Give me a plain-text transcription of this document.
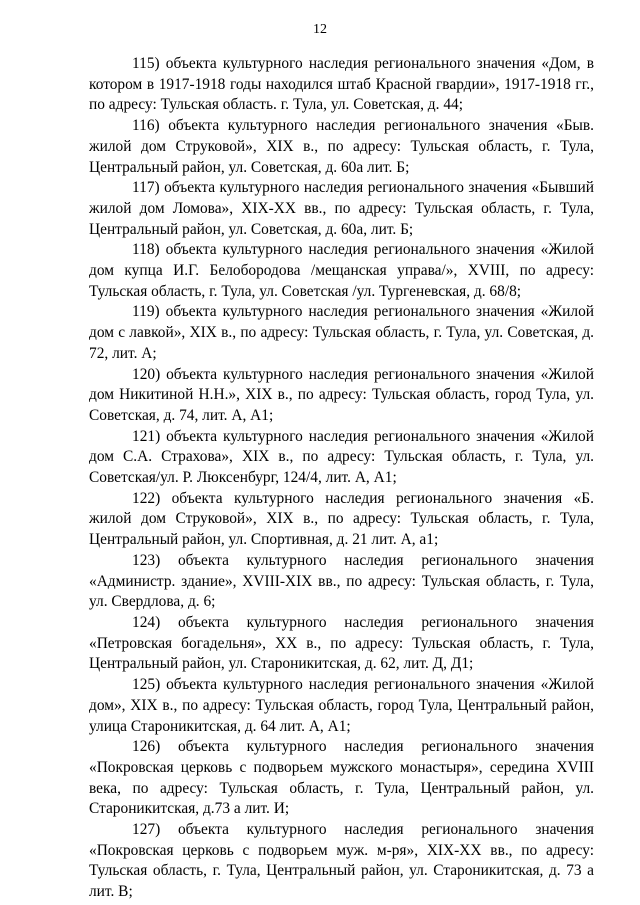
12

115) объекта культурного наследия регионального значения «Дом, в котором в 1917-1918 годы находился штаб Красной гвардии», 1917-1918 гг., по адресу: Тульская область. г. Тула, ул. Советская, д. 44;

116) объекта культурного наследия регионального значения «Быв. жилой дом Струковой», XIX в., по адресу: Тульская область, г. Тула, Центральный район, ул. Советская, д. 60а лит. Б;

117) объекта культурного наследия регионального значения «Бывший жилой дом Ломова», XIX-XX вв., по адресу: Тульская область, г. Тула, Центральный район, ул. Советская, д. 60а, лит. Б;

118) объекта культурного наследия регионального значения «Жилой дом купца И.Г. Белобородова /мещанская управа/», XVIII, по адресу: Тульская область, г. Тула, ул. Советская /ул. Тургеневская, д. 68/8;

119) объекта культурного наследия регионального значения «Жилой дом с лавкой», XIX в., по адресу: Тульская область, г. Тула, ул. Советская, д. 72, лит. А;

120) объекта культурного наследия регионального значения «Жилой дом Никитиной Н.Н.», XIX в., по адресу: Тульская область, город Тула, ул. Советская, д. 74, лит. А, А1;

121) объекта культурного наследия регионального значения «Жилой дом С.А. Страхова», XIX в., по адресу: Тульская область, г. Тула, ул. Советская/ул. Р. Люксенбург, 124/4, лит. А, А1;

122) объекта культурного наследия регионального значения «Б. жилой дом Струковой», XIX в., по адресу: Тульская область, г. Тула, Центральный район, ул. Спортивная, д. 21 лит. А, а1;

123) объекта культурного наследия регионального значения «Администр. здание», XVIII-XIX вв., по адресу: Тульская область, г. Тула, ул. Свердлова, д. 6;

124) объекта культурного наследия регионального значения «Петровская богадельня», XX в., по адресу: Тульская область, г. Тула, Центральный район, ул. Староникитская, д. 62, лит. Д, Д1;

125) объекта культурного наследия регионального значения «Жилой дом», XIX в., по адресу: Тульская область, город Тула, Центральный район, улица Староникитская, д. 64 лит. А, А1;

126) объекта культурного наследия регионального значения «Покровская церковь с подворьем мужского монастыря», середина XVIII века, по адресу: Тульская область, г. Тула, Центральный район, ул. Староникитская, д.73 а лит. И;

127) объекта культурного наследия регионального значения «Покровская церковь с подворьем муж. м-ря», XIX-XX вв., по адресу: Тульская область, г. Тула, Центральный район, ул. Староникитская, д. 73 а лит. В;
